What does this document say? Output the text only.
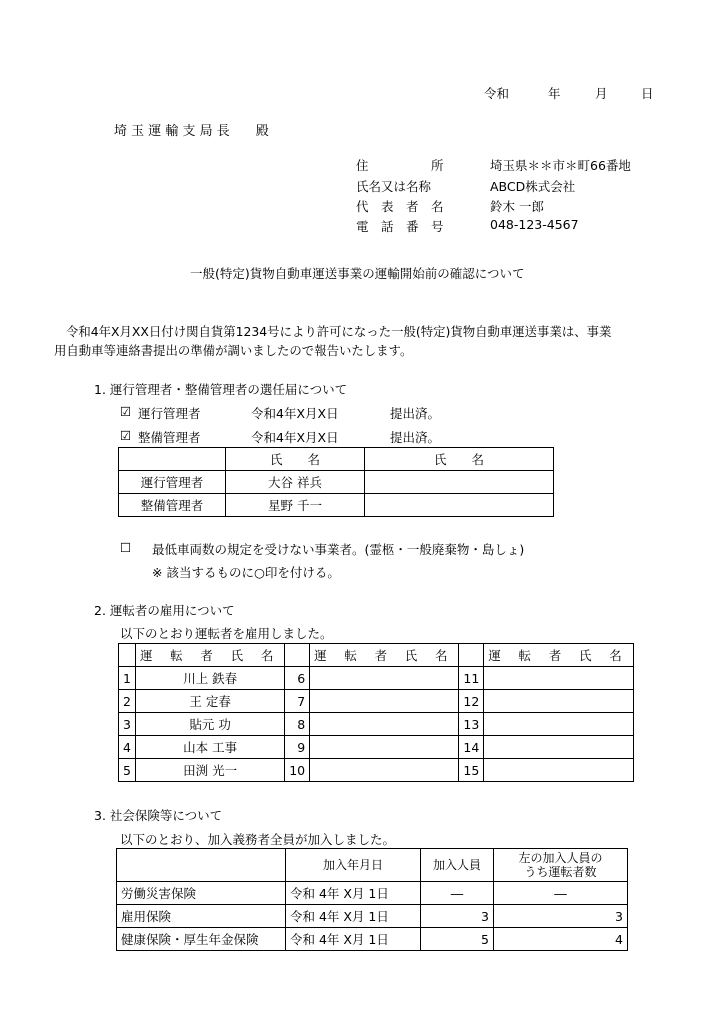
令和	年	月	日
埼 玉 運 輸 支 局 長　　殿
住　　　　　所	埼玉県＊＊市＊町66番地
氏名又は名称	ABCD株式会社
代　表　者　名	鈴木 一郎
電　話　番　号	048-123-4567
一般(特定)貨物自動車運送事業の運輸開始前の確認について
令和4年X月XX日付け関自貨第1234号により許可になった一般(特定)貨物自動車運送事業は、事業
用自動車等連絡書提出の準備が調いましたので報告いたします。
1. 運行管理者・整備管理者の選任届について
☑ 運行管理者	令和4年X月X日	提出済。
☑ 整備管理者	令和4年X月X日	提出済。
	氏　　名	氏　　名
運行管理者	大谷 祥兵	
整備管理者	星野 千一	
☐ 最低車両数の規定を受けない事業者。(霊柩・一般廃棄物・島しょ)
※ 該当するものに○印を付ける。
2. 運転者の雇用について
以下のとおり運転者を雇用しました。
	運 転 者 氏 名		運 転 者 氏 名		運 転 者 氏 名
1	川上 鉄春	6		11	
2	王 定春	7		12	
3	貼元 功	8		13	
4	山本 工事	9		14	
5	田渕 光一	10		15	
3. 社会保険等について
以下のとおり、加入義務者全員が加入しました。
	加入年月日	加入人員	左の加入人員の
うち運転者数

労働災害保険	令和 4年 X月 1日	―	―
雇用保険	令和 4年 X月 1日	3	3
健康保険・厚生年金保険	令和 4年 X月 1日	5	4
